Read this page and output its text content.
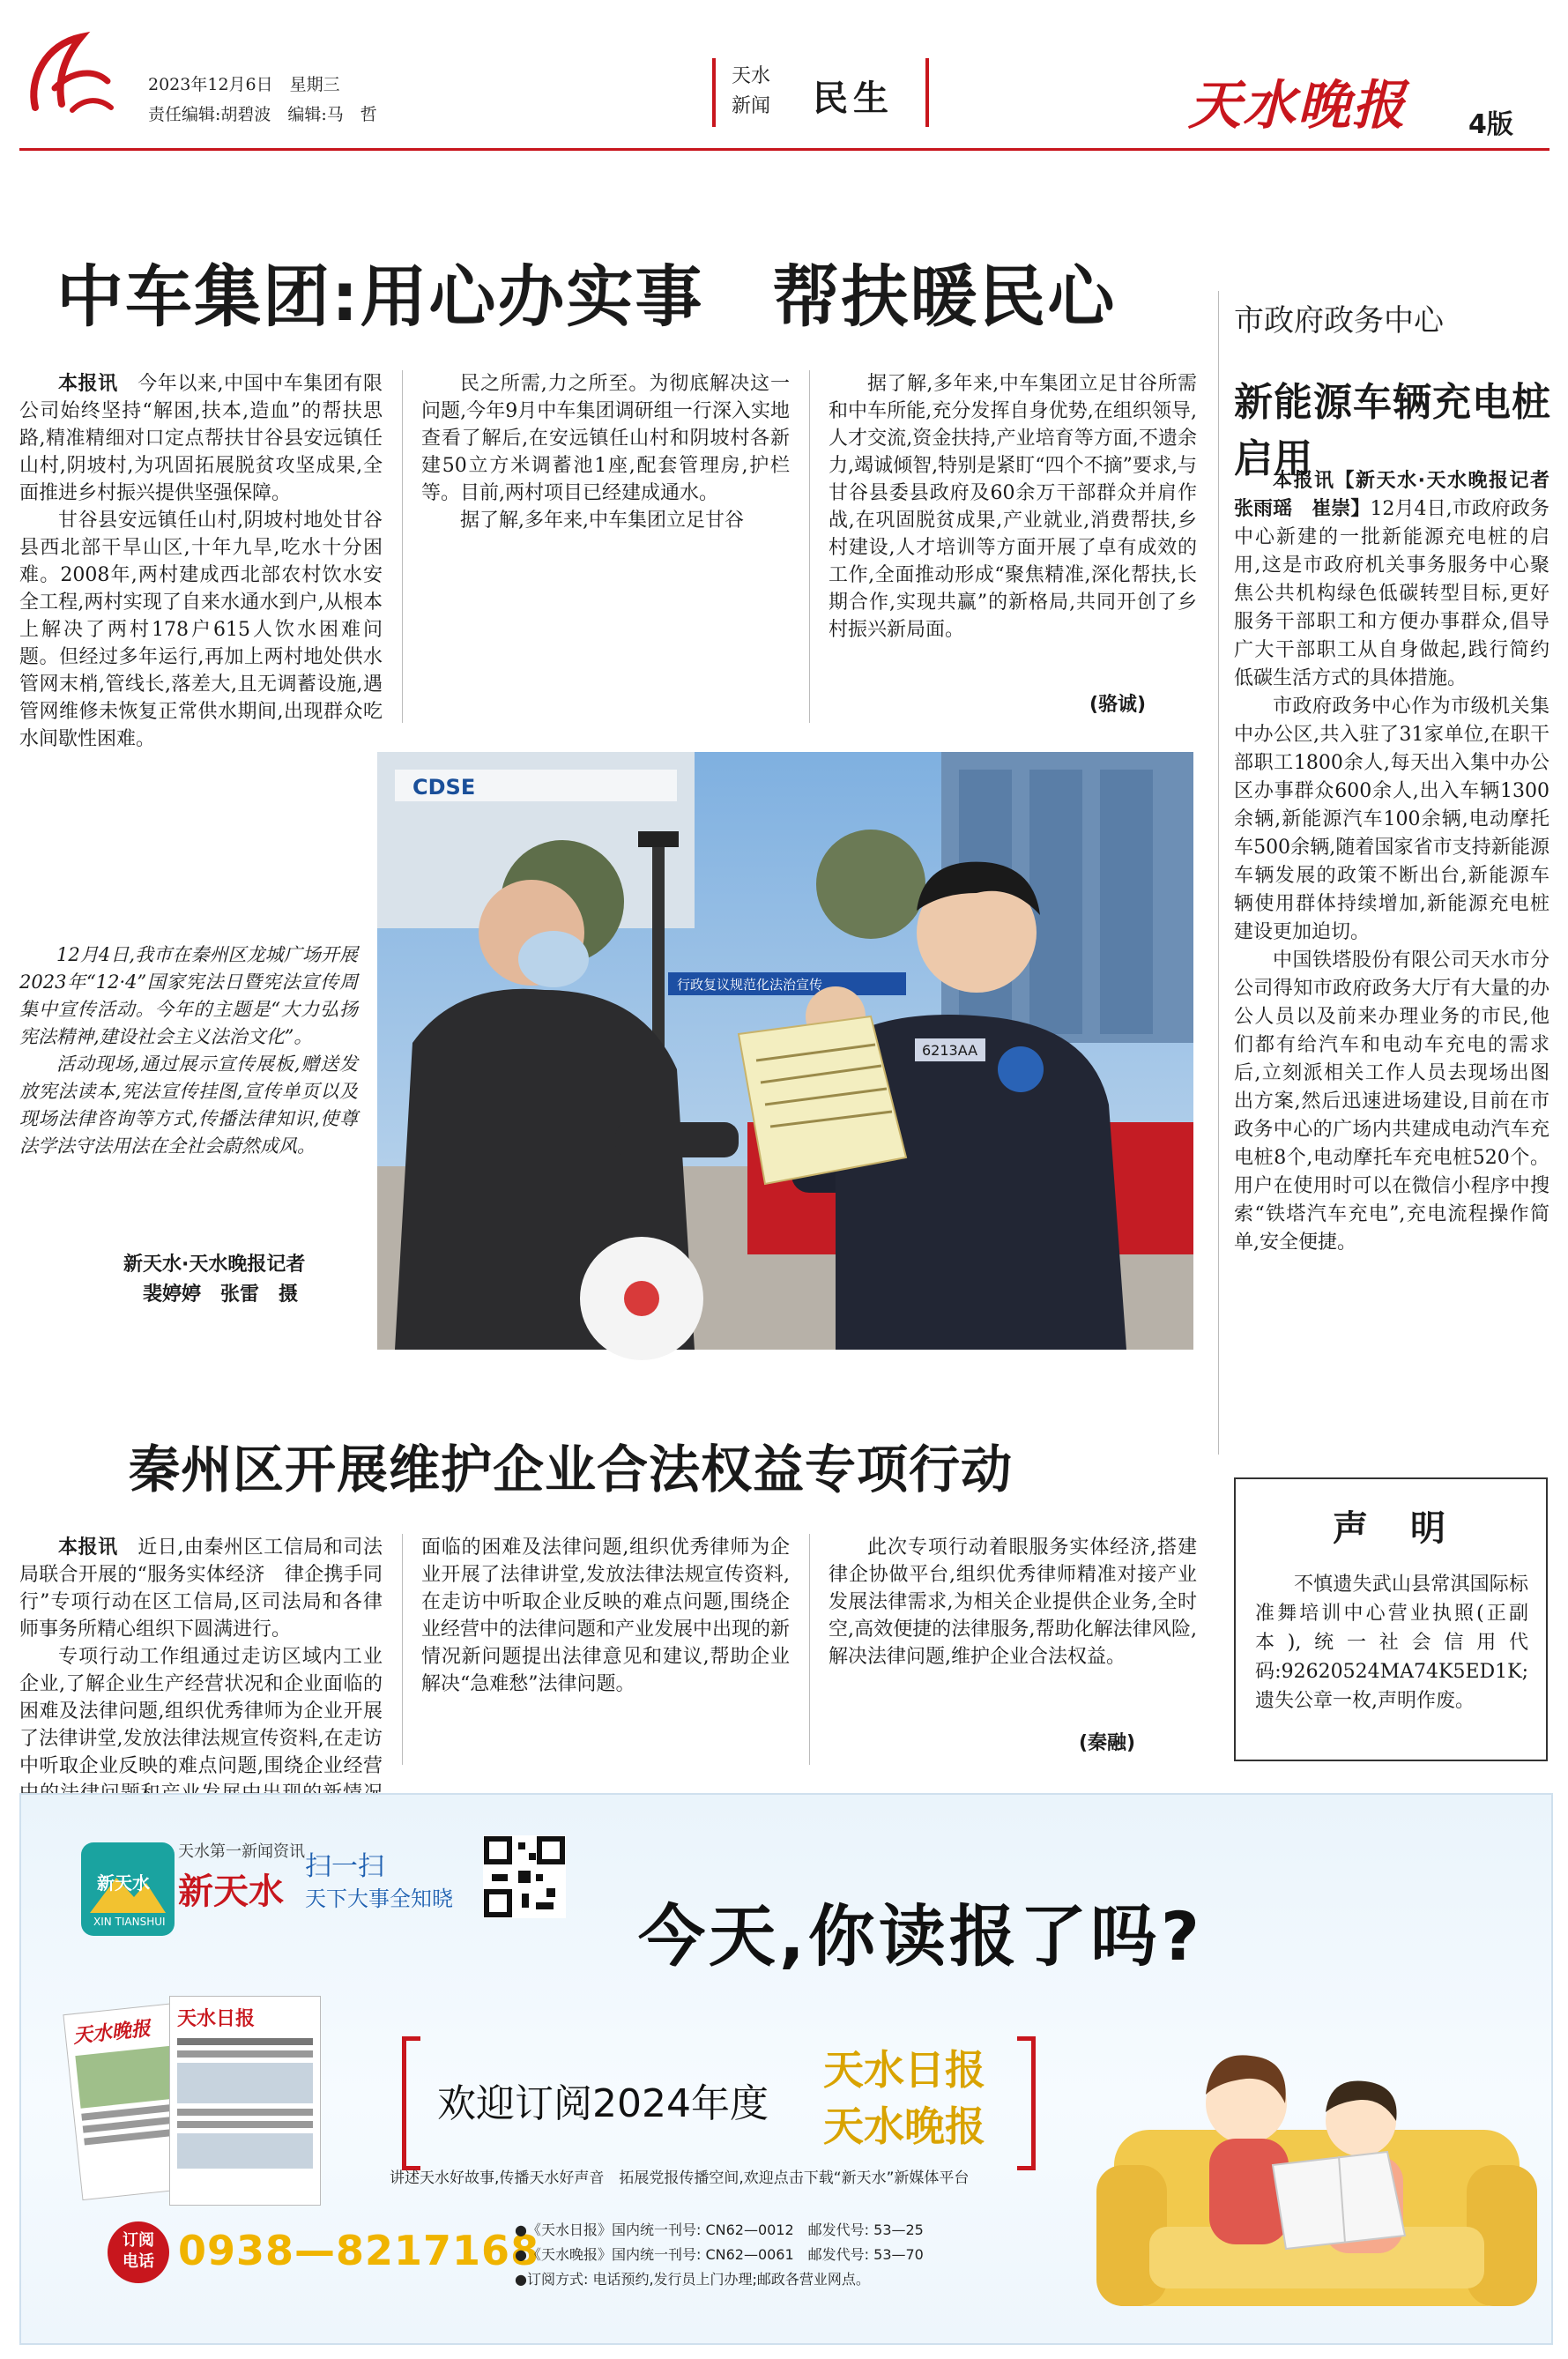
2023年12月6日　 星期三
责任编辑:胡碧波　编辑:马　哲
天水
新闻 民生	天水晚报 4版
中车集团:用心办实事　帮扶暖民心

本报讯　 今年以来,中国中车集团有限公司始终坚持“解困,扶本,造血”的帮扶思路,精准精细对口定点帮扶甘谷县安远镇任山村,阴坡村,为巩固拓展脱贫攻坚成果,全面推进乡村振兴提供坚强保障。

甘谷县安远镇任山村,阴坡村地处甘谷县西北部干旱山区,十年九旱,吃水十分困难。2008年,两村建成西北部农村饮水安全工程,两村实现了自来水通水到户,从根本上解决了两村178户615人饮水困难问题。但经过多年运行,再加上两村地处供水管网末梢,管线长,落差大,且无调蓄设施,遇管网维修未恢复正常供水期间,出现群众吃水间歇性困难。

民之所需,力之所至。为彻底解决这一问题,今年9月中车集团调研组一行深入实地查看了解后,在安远镇任山村和阴坡村各新建50立方米调蓄池1座,配套管理房,护栏等。目前,两村项目已经建成通水。

据了解,多年来,中车集团立足甘谷

据了解,多年来,中车集团立足甘谷所需和中车所能,充分发挥自身优势,在组织领导,人才交流,资金扶持,产业培育等方面,不遗余力,竭诚倾智,特别是紧盯“四个不摘”要求,与甘谷县委县政府及60余万干部群众并肩作战,在巩固脱贫成果,产业就业,消费帮扶,乡村建设,人才培训等方面开展了卓有成效的工作,全面推动形成“聚焦精准,深化帮扶,长期合作,实现共赢”的新格局,共同开创了乡村振兴新局面。

(骆诚)
市政府政务中心
新能源车辆充电桩启用

本报讯【新天水·天水晚报记者张雨瑶　崔崇】12月4日,市政府政务中心新建的一批新能源充电桩的启用,这是市政府机关事务服务中心聚焦公共机构绿色低碳转型目标,更好服务干部职工和方便办事群众,倡导广大干部职工从自身做起,践行简约低碳生活方式的具体措施。

市政府政务中心作为市级机关集中办公区,共入驻了31家单位,在职干部职工1800余人,每天出入集中办公区办事群众600余人,出入车辆1300余辆,新能源汽车100余辆,电动摩托车500余辆,随着国家省市支持新能源车辆发展的政策不断出台,新能源车辆使用群体持续增加,新能源充电桩建设更加迫切。

中国铁塔股份有限公司天水市分公司得知市政府政务大厅有大量的办公人员以及前来办理业务的市民,他们都有给汽车和电动车充电的需求后,立刻派相关工作人员去现场出图出方案,然后迅速进场建设,目前在市政务中心的广场内共建成电动汽车充电桩8个,电动摩托车充电桩520个。用户在使用时可以在微信小程序中搜索“铁塔汽车充电”,充电流程操作简单,安全便捷。

12月4日,我市在秦州区龙城广场开展2023年“12·4”国家宪法日暨宪法宣传周集中宣传活动。今年的主题是“大力弘扬宪法精神,建设社会主义法治文化”。

活动现场,通过展示宣传展板,赠送发放宪法读本,宪法宣传挂图,宣传单页以及现场法律咨询等方式,传播法律知识,使尊法学法守法用法在全社会蔚然成风。

新天水·天水晚报记者
裴婷婷　张雷　摄
CDSE
行政复议规范化法治宣传
6213AA
秦州区开展维护企业合法权益专项行动

本报讯　 近日,由秦州区工信局和司法局联合开展的“服务实体经济　律企携手同行”专项行动在区工信局,区司法局和各律师事务所精心组织下圆满进行。

专项行动工作组通过走访区域内工业企业,了解企业生产经营状况和企业面临的困难及法律问题,组织优秀律师为企业开展了法律讲堂,发放法律法规宣传资料,在走访中听取企业反映的难点问题,围绕企业经营

面临的困难及法律问题,组织优秀律师为企业开展了法律讲堂,发放法律法规宣传资料,在走访中听取企业反映的难点问题,围绕企业经营中的法律问题和产业发展中出现的新情况新问题提出法律意见和建议,帮助企业解决“急难愁”法律问题。

此次专项行动着眼服务实体经济,搭建律企协做平台,组织优秀律师精准对接产业发展法律需求,为相关企业提供企业务,全时空,高效便捷的法律服务,帮助化解法律风险,解决法律问题,维护企业合法权益。

(秦融)
声　明

不慎遗失武山县常淇国际标准舞培训中心营业执照(正副本),统一社会信用代码:92620524MA74K5ED1K;遗失公章一枚,声明作废。

XIN TIANSHUI
新天水
天水第一新闻资讯
新天水
扫一扫
天下大事全知晓	今天,你读报了吗?
天水晚报	天水日报
欢迎订阅2024年度
天水日报
天水晚报
讲述天水好故事,传播天水好声音　拓展党报传播空间,欢迎点击下载“新天水”新媒体平台
订阅
电话 0938—8217168
●《天水日报》国内统一刊号: CN62—0012　邮发代号: 53—25
●《天水晚报》国内统一刊号: CN62—0061　邮发代号: 53—70
●订阅方式: 电话预约,发行员上门办理;邮政各营业网点。
